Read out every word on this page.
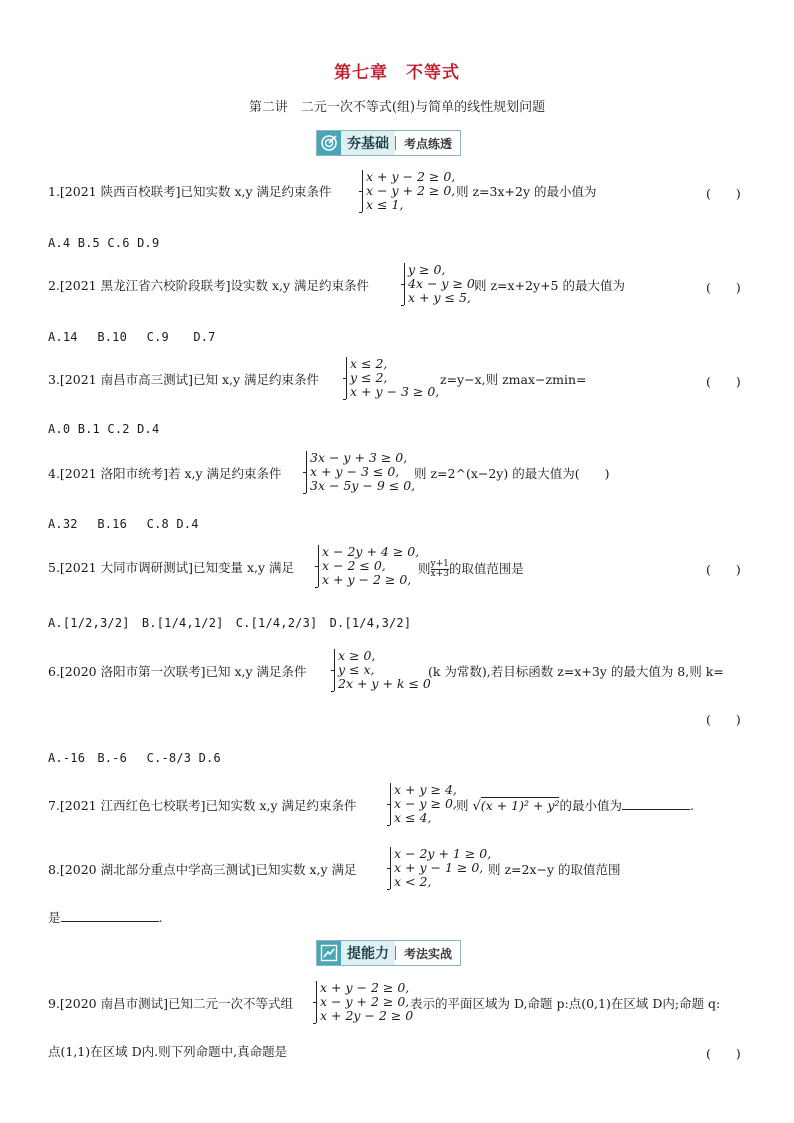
第七章　不等式
第二讲　二元一次不等式(组)与简单的线性规划问题
夯基础	考点练透
1.[2021 陕西百校联考]已知实数 x,y 满足约束条件
x + y − 2 ≥ 0,
x − y + 2 ≥ 0,
x ≤ 1,
则 z=3x+2y 的最小值为	(　　)
A.4 B.5 C.6 D.9
2.[2021 黑龙江省六校阶段联考]设实数 x,y 满足约束条件
y ≥ 0,
4x − y ≥ 0,
x + y ≤ 5,
则 z=x+2y+5 的最大值为	(　　)
A.14　 B.10　 C.9　　D.7
3.[2021 南昌市高三测试]已知 x,y 满足约束条件
x ≤ 2,
y ≤ 2,
x + y − 3 ≥ 0,
z=y−x,则 zmax−zmin=	(　　)
A.0 B.1 C.2 D.4
4.[2021 洛阳市统考]若 x,y 满足约束条件
3x − y + 3 ≥ 0,
x + y − 3 ≤ 0,
3x − 5y − 9 ≤ 0,
则 z=2^(x−2y) 的最大值为(　　)
A.32　 B.16　 C.8 D.4
5.[2021 大同市调研测试]已知变量 x,y 满足
x − 2y + 4 ≥ 0,
x − 2 ≤ 0,
x + y − 2 ≥ 0,
则 $\frac{y+1}{x+3}$ 的取值范围是	(　　)
A.[1/2,3/2]　B.[1/4,1/2]　C.[1/4,2/3]　D.[1/4,3/2]
6.[2020 洛阳市第一次联考]已知 x,y 满足条件
x ≥ 0,
y ≤ x,
2x + y + k ≤ 0
(k 为常数),若目标函数 z=x+3y 的最大值为 8,则 k=
(　　)
A.-16　B.-6　 C.-8/3 D.6
7.[2021 江西红色七校联考]已知实数 x,y 满足约束条件
x + y ≥ 4,
x − y ≥ 0,
x ≤ 4,
则 √(x + 1)² + y²的最小值为	.
8.[2020 湖北部分重点中学高三测试]已知实数 x,y 满足
x − 2y + 1 ≥ 0,
x + y − 1 ≥ 0,
x < 2,
则 z=2x−y 的取值范围
是	.
提能力	考法实战
9.[2020 南昌市测试]已知二元一次不等式组
x + y − 2 ≥ 0,
x − y + 2 ≥ 0,
x + 2y − 2 ≥ 0
表示的平面区域为 D,命题 p:点(0,1)在区域 D内;命题 q:
点(1,1)在区域 D内.则下列命题中,真命题是	(　　)
